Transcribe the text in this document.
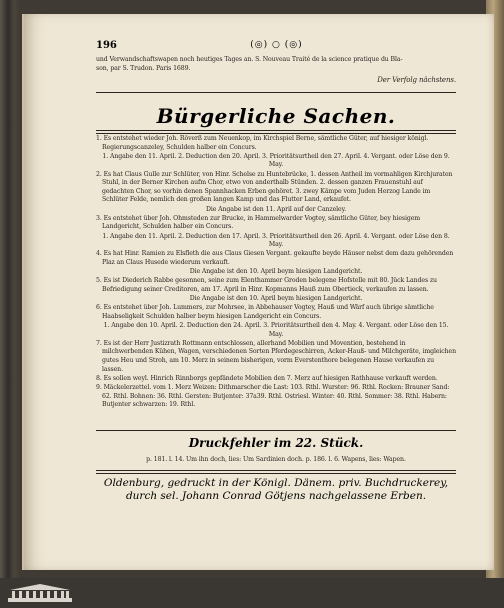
196	(◎) ○ (◎)
und Verwandschaftswapen noch heutiges Tages an. S. Nouveau Traité de la science pratique du Bla-
son, par S. Trudon. Paris 1689.
Der Verfolg nächstens.
Bürgerliche Sachen.
1. Es entstehet wieder Joh. Röverß zum Neuenkop, im Kirchspiel Berne, sämtliche Güter, auf hiesiger königl. Regierungscanzeley, Schulden halber ein Concurs.
1. Angabe den 11. April. 2. Deduction den 20. April. 3. Prioritätsurtheil den 27. April. 4. Vergant. oder Löse den 9. May.
2. Es hat Claus Gulle zur Schlüter, von Hinr. Schelse zu Huntebrücke, 1. dessen Antheil im vormahligen Kirchjuraten Stuhl, in der Berner Kirchen aufm Chor, etwo von anderthalb Stünden. 2. dessen ganzen Frauenstuhl auf gedachten Chor, so vorhin denen Spannhacken Erben gehöret. 3. zwey Kämpe vom Juden Herzog Lande im Schlüter Felde, nemlich den großen langen Kamp und das Flutter Land, erkaufet.
Die Angabe ist den 11. April auf der Canzeley.
3. Es entstehet über Joh. Ohmsteden zur Brucke, in Hammelwarder Vogtey, sämtliche Güter, bey hiesigem Landgericht, Schulden halber ein Concurs.
1. Angabe den 11. April. 2. Deduction den 17. April. 3. Prioritätsurtheil den 26. April. 4. Vergant. oder Löse den 8. May.
4. Es hat Hinr. Ramien zu Elsfleth die aus Claus Giesen Vergant. gekaufte beyde Häuser nebst dem dazu gehörenden Plaz an Claus Husede wiederum verkauft.
Die Angabe ist den 10. April beym hiesigen Landgericht.
5. Es ist Diederich Rabbe gesonnen, seine zum Elenthammer Groden belegene Hofstelle mit 80. Jück Landes zu Befriedigung seiner Creditoren, am 17. April in Hinr. Kopmanns Hauß zum Obertieck, verkaufen zu lassen.
Die Angabe ist den 10. April beym hiesigen Landgericht.
6. Es entstehet über Joh. Lummers, zur Mohrsee, in Abbehauser Vogtey, Hauß und Wärf auch übrige sämtliche Haabseligkeit Schulden halber beym hiesigen Landgericht ein Concurs.
1. Angabe den 10. April. 2. Deduction den 24. April. 3. Prioritätsurtheil den 4. May. 4. Vergant. oder Löse den 15. May.
7. Es ist der Herr Justizrath Rottmann entschlossen, allerhand Mobilien und Moventien, bestehend in milchwerbenden Kühen, Wagen, verschiedenen Sorten Pferdegeschirren, Acker-Hauß- und Milchgeräte, imgleichen gutes Heu und Stroh, am 10. Merz in seinem bisherigen, vorm Everstenthore belegenen Hause verkaufen zu lassen.
8. Es sollen weyl. Hinrich Rinnborgs gepfändete Mobilien den 7. Merz auf hiesigen Rathhause verkauft werden.
9. Mäckelerzettel. vom 1. Merz Weizen: Dithmarscher die Last: 103. Rthl. Wurster: 96. Rthl. Rocken: Brauner Sand: 62. Rthl. Bohnen: 36. Rthl. Gersten: Butjenter: 37a39. Rthl. Ostriesl. Winter: 40. Rthl. Sommer: 38. Rthl. Habern: Butjenter schwarzen: 19. Rthl.
Druckfehler im 22. Stück.
p. 181. l. 14. Um ihn doch, lies: Um Sardinien doch. p. 186. l. 6. Wapens, lies: Wapen.
Oldenburg, gedruckt in der Königl. Dänem. priv. Buchdruckerey,
durch sel. Johann Conrad Götjens nachgelassene Erben.
